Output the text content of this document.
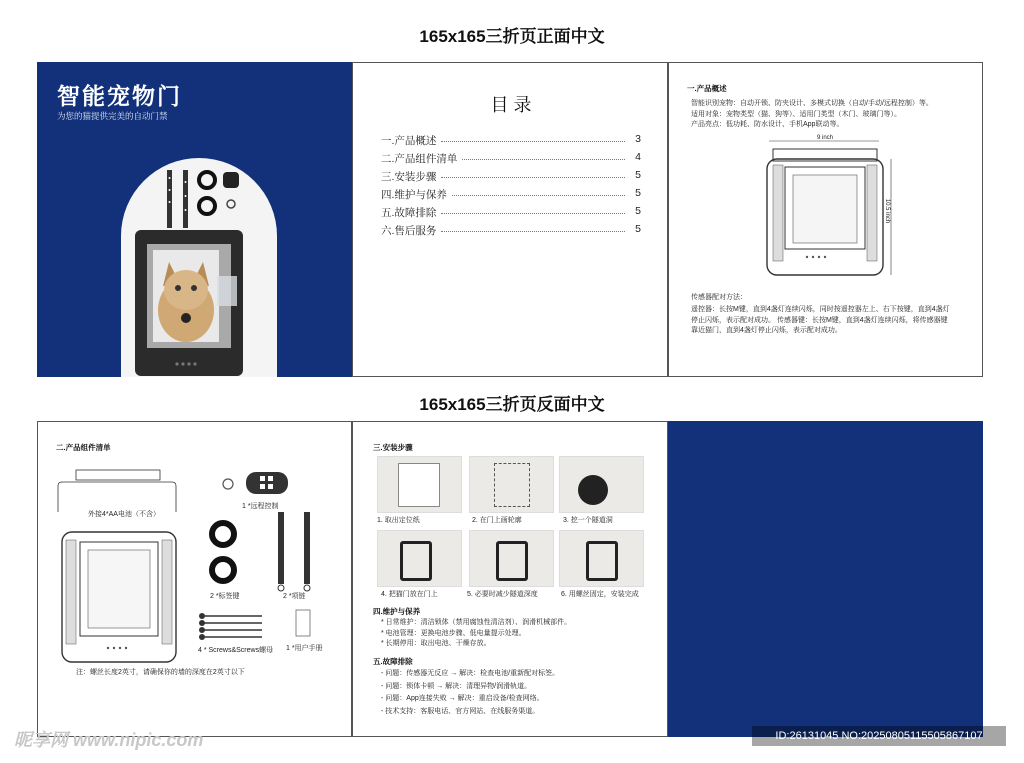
165x165三折页正面中文
智能宠物门
为您的猫提供完美的自动门禁
目 录
一.产品概述	3
二.产品组件清单	4
三.安装步骤	5
四.维护与保养	5
五.故障排除	5
六.售后服务	5
一.产品概述
智能识别宠物：自动开锁、防夹设计、多模式切换（自动/手动/远程控制）等。
适用对象：宠物类型（猫、狗等）、适用门类型（木门、玻璃门等）。
产品亮点：低功耗、防水设计、手机App联动等。
9 inch
10.5 inch
传感器配对方法：
遥控器：长按M键，直到4盏灯连续闪烁，同时按遥控器左上、右下按键，直到4盏灯
停止闪烁，表示配对成功。 传感器键：长按M键，直到4盏灯连续闪烁，将传感器键
靠近猫门，直到4盏灯停止闪烁，表示配对成功。
165x165三折页反面中文
二.产品组件清单
外接4*AA电池（不含）
1 *远程控制
2 *标签键	2 *项链
4 * Screws&Screws螺母 1 *用户手册
注：螺丝长度2英寸，请确保你的墙的深度在2英寸以下
三.安装步骤
1. 取出定位纸	2. 在门上画轮廓	3. 挖一个隧道洞
4. 把猫门放在门上	5. 必要时减少隧道深度	6. 用螺丝固定，安装完成
四.维护与保养
* 日常维护：清洁锁体（禁用腐蚀性清洁剂）、润滑机械部件。
* 电池管理：更换电池步骤、低电量提示处理。
* 长期停用：取出电池、干燥存放。
五.故障排除
- 问题：传感器无反应 → 解决：检查电池/重新配对标签。
- 问题：锁体卡顿 → 解决：清理异物/润滑轨道。
- 问题：App连接失败 → 解决：重启设备/检查网络。
- 技术支持：客服电话、官方网站、在线服务渠道。
昵享网 www.nipic.com	ID:26131045 NO:20250805115505867107
